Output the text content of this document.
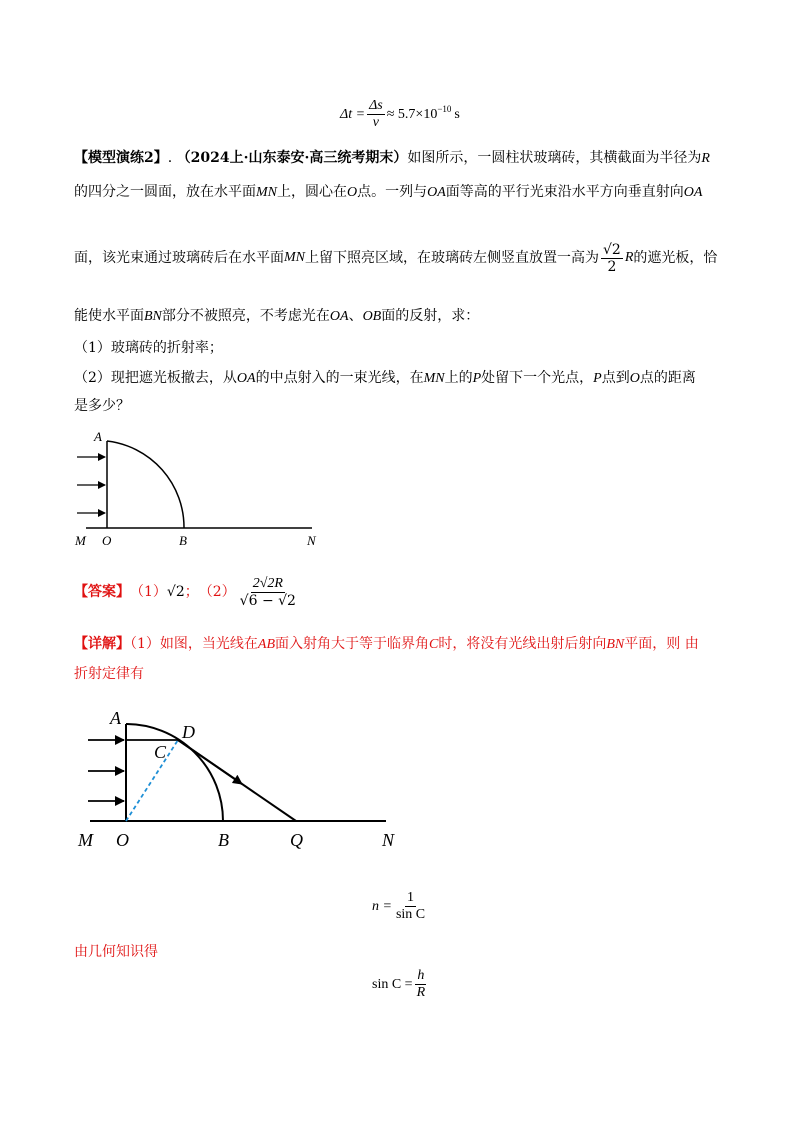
$\Delta t = \frac{\Delta s}{v} \approx 5.7\times 10^{-10}$ s
【模型演练2】. （2024上·山东泰安·高三统考期末）如图所示，一圆柱状玻璃砖，其横截面为半径为R
的四分之一圆面，放在水平面MN上，圆心在O点。一列与OA面等高的平行光束沿水平方向垂直射向OA
面，该光束通过玻璃砖后在水平面 MN 上留下照亮区域，在玻璃砖左侧竖直放置一高为 $\frac{√2}{2}$ R 的遮光板，恰
能使水平面BN部分不被照亮，不考虑光在OA、OB面的反射，求：
（1）玻璃砖的折射率；
（2）现把遮光板撤去，从OA的中点射入的一束光线，在MN上的P处留下一个光点，P点到O点的距离
是多少？
A
M O	B	N
【答案】 （1） √2 ； $(2) \frac{2√2R}{√6 - √2}$
【详解】（1）如图，当光线在AB面入射角大于等于临界角C时，将没有光线出射后射向BN平面，则 由
折射定律有
A
C
D
M O	B	Q	N
$n = \frac{1}{\text{sin C}}$
由几何知识得
$\sin C = \frac{h}{R}$
